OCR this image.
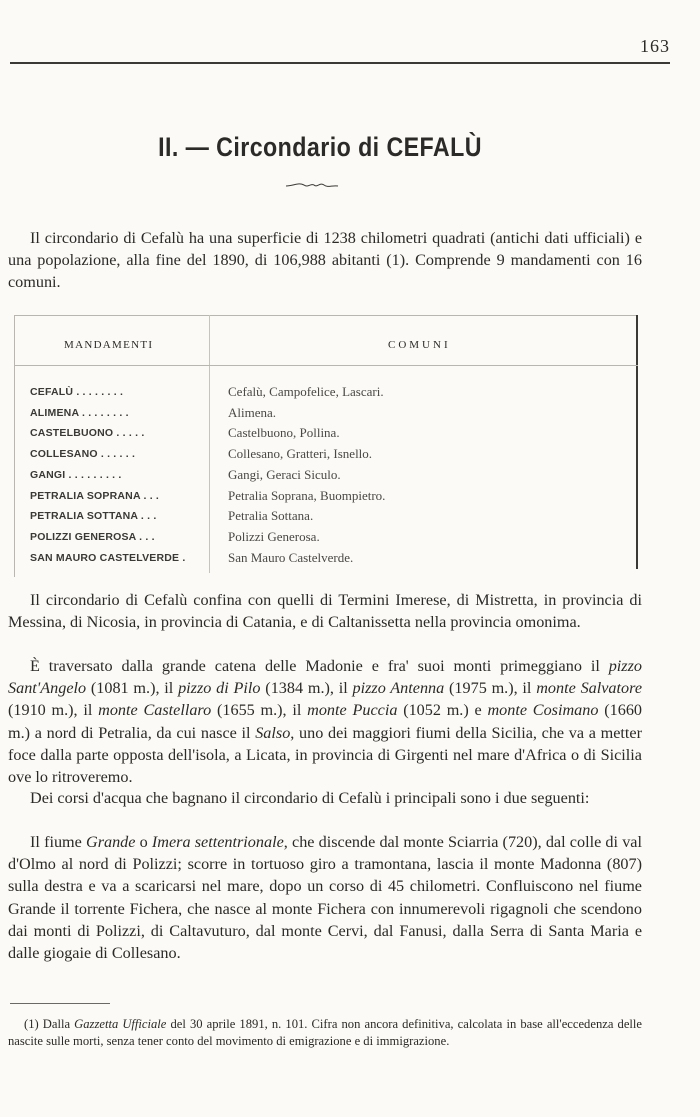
163
II. — Circondario di CEFALÙ

Il circondario di Cefalù ha una superficie di 1238 chilometri quadrati (antichi dati ufficiali) e una popolazione, alla fine del 1890, di 106,988 abitanti (1). Comprende 9 mandamenti con 16 comuni.

MANDAMENTI	COMUNI
CEFALÙ . . . . . . . .	Cefalù, Campofelice, Lascari.
ALIMENA . . . . . . . .	Alimena.
CASTELBUONO . . . . .	Castelbuono, Pollina.
COLLESANO . . . . . .	Collesano, Gratteri, Isnello.
GANGI . . . . . . . . .	Gangi, Geraci Siculo.
PETRALIA SOPRANA . . .	Petralia Soprana, Buompietro.
PETRALIA SOTTANA . . .	Petralia Sottana.
POLIZZI GENEROSA . . .	Polizzi Generosa.
SAN MAURO CASTELVERDE .	San Mauro Castelverde.

Il circondario di Cefalù confina con quelli di Termini Imerese, di Mistretta, in provincia di Messina, di Nicosia, in provincia di Catania, e di Caltanissetta nella provincia omonima.

È traversato dalla grande catena delle Madonie e fra' suoi monti primeggiano il pizzo Sant'Angelo (1081 m.), il pizzo di Pilo (1384 m.), il pizzo Antenna (1975 m.), il monte Salvatore (1910 m.), il monte Castellaro (1655 m.), il monte Puccia (1052 m.) e monte Cosimano (1660 m.) a nord di Petralia, da cui nasce il Salso, uno dei maggiori fiumi della Sicilia, che va a metter foce dalla parte opposta dell'isola, a Licata, in provincia di Girgenti nel mare d'Africa o di Sicilia ove lo ritroveremo.

Dei corsi d'acqua che bagnano il circondario di Cefalù i principali sono i due seguenti:

Il fiume Grande o Imera settentrionale, che discende dal monte Sciarria (720), dal colle di val d'Olmo al nord di Polizzi; scorre in tortuoso giro a tramontana, lascia il monte Madonna (807) sulla destra e va a scaricarsi nel mare, dopo un corso di 45 chilometri. Confluiscono nel fiume Grande il torrente Fichera, che nasce al monte Fichera con innumerevoli rigagnoli che scendono dai monti di Polizzi, di Caltavuturo, dal monte Cervi, dal Fanusi, dalla Serra di Santa Maria e dalle giogaie di Collesano.

(1) Dalla Gazzetta Ufficiale del 30 aprile 1891, n. 101. Cifra non ancora definitiva, calcolata in base all'eccedenza delle nascite sulle morti, senza tener conto del movimento di emigrazione e di immigrazione.
